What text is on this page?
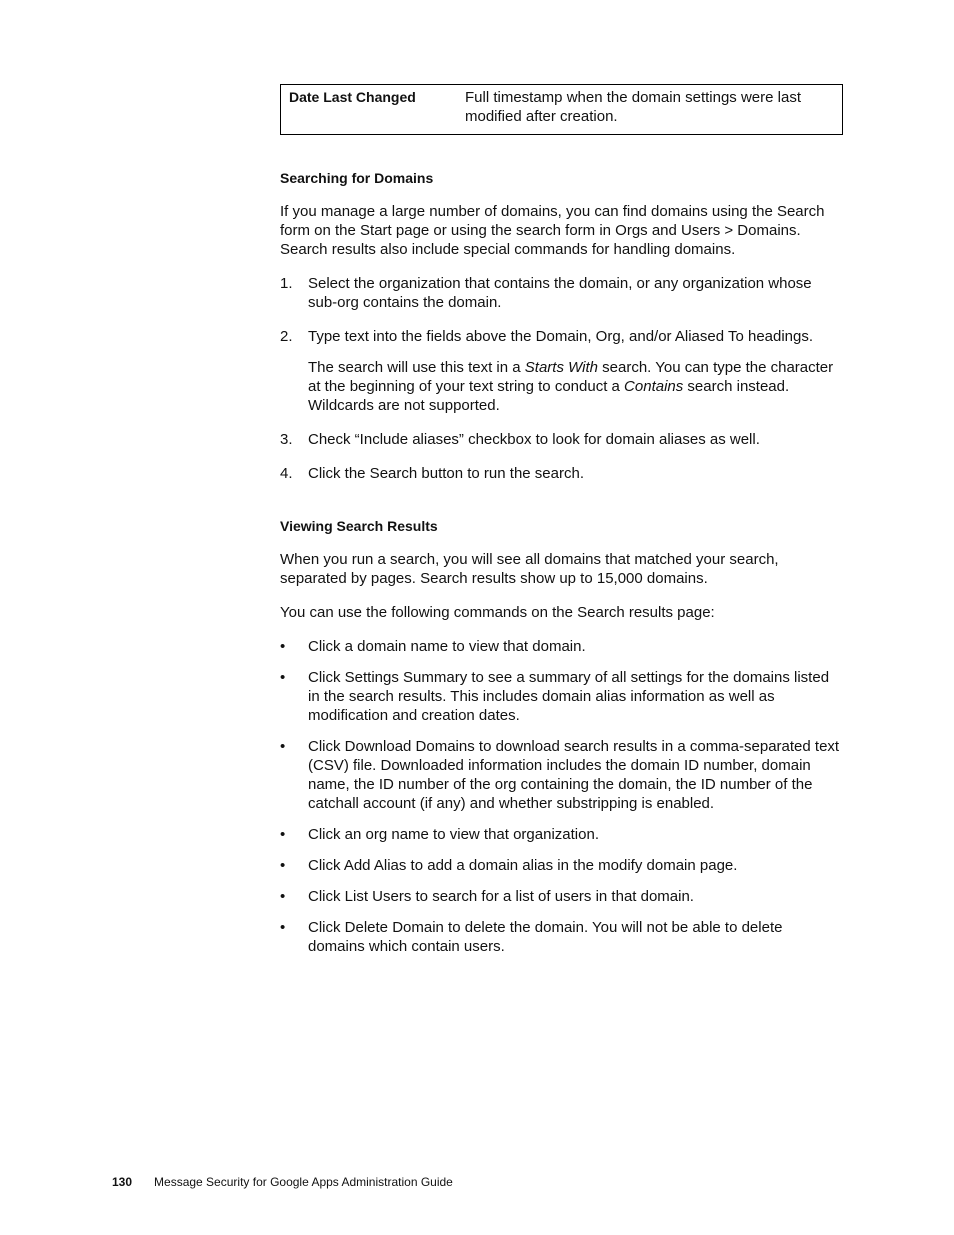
Date Last Changed	Full timestamp when the domain settings were last modified after creation.
Searching for Domains

If you manage a large number of domains, you can find domains using the Search form on the Start page or using the search form in Orgs and Users > Domains. Search results also include special commands for handling domains.

1. Select the organization that contains the domain, or any organization whose sub-org contains the domain.
2. Type text into the fields above the Domain, Org, and/or Aliased To headings.
The search will use this text in a Starts With search. You can type the character at the beginning of your text string to conduct a Contains search instead. Wildcards are not supported.
3. Check “Include aliases” checkbox to look for domain aliases as well.
4. Click the Search button to run the search.
Viewing Search Results

When you run a search, you will see all domains that matched your search, separated by pages. Search results show up to 15,000 domains.

You can use the following commands on the Search results page:

• Click a domain name to view that domain.
• Click Settings Summary to see a summary of all settings for the domains listed in the search results. This includes domain alias information as well as modification and creation dates.
• Click Download Domains to download search results in a comma-separated text (CSV) file. Downloaded information includes the domain ID number, domain name, the ID number of the org containing the domain, the ID number of the catchall account (if any) and whether substripping is enabled.
• Click an org name to view that organization.
• Click Add Alias to add a domain alias in the modify domain page.
• Click List Users to search for a list of users in that domain.
• Click Delete Domain to delete the domain. You will not be able to delete domains which contain users.
130 Message Security for Google Apps Administration Guide
